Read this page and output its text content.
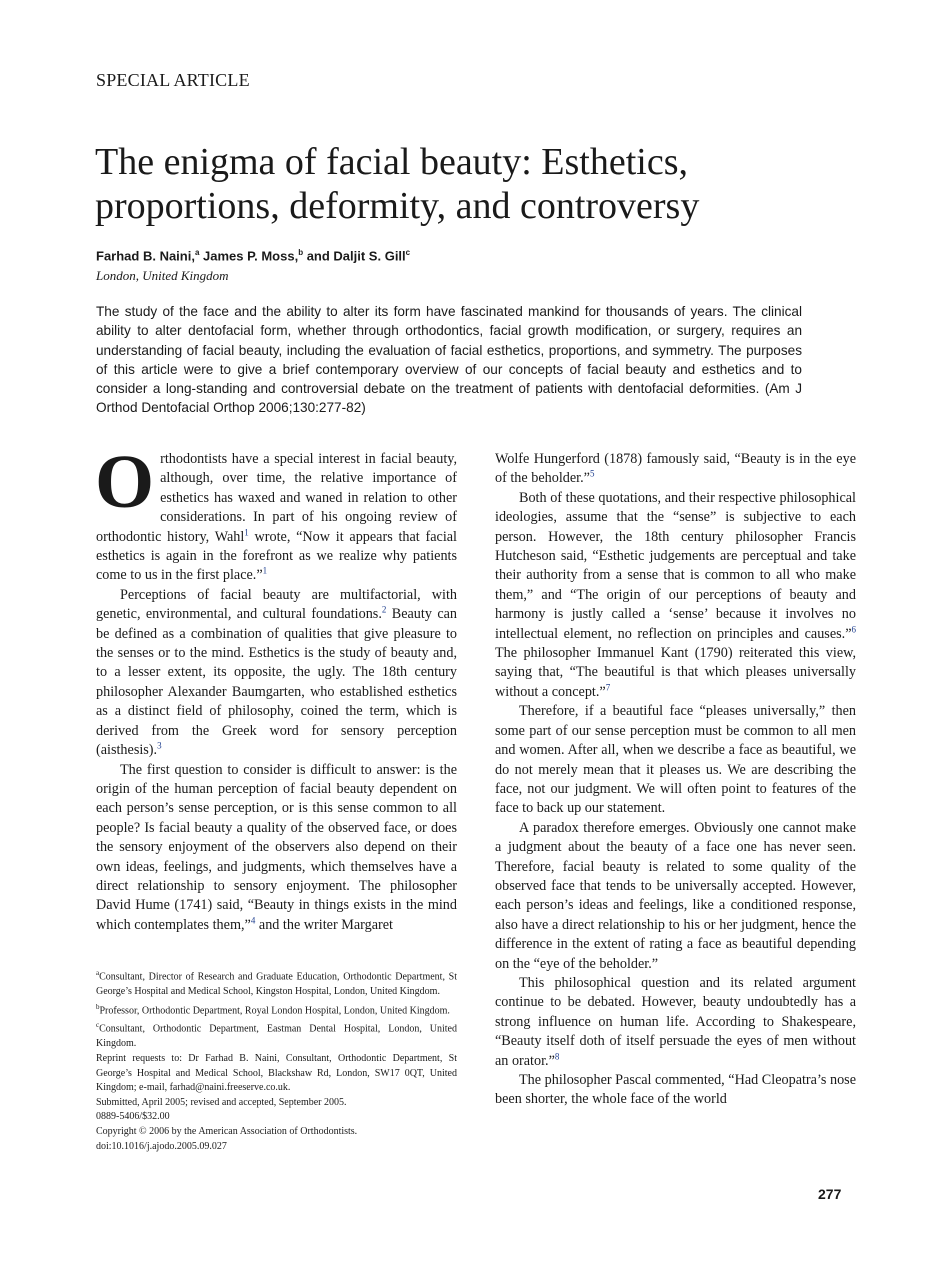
SPECIAL ARTICLE
The enigma of facial beauty: Esthetics, proportions, deformity, and controversy
Farhad B. Naini,$^a$ James P. Moss,$^b$ and Daljit S. Gill$^c$
London, United Kingdom

The study of the face and the ability to alter its form have fascinated mankind for thousands of years. The clinical ability to alter dentofacial form, whether through orthodontics, facial growth modification, or surgery, requires an understanding of facial beauty, including the evaluation of facial esthetics, proportions, and symmetry. The purposes of this article were to give a brief contemporary overview of our concepts of facial beauty and esthetics and to consider a long-standing and controversial debate on the treatment of patients with dentofacial deformities. (Am J Orthod Dentofacial Orthop 2006;130:277-82)

Orthodontists have a special interest in facial beauty, although, over time, the relative importance of esthetics has waxed and waned in relation to other considerations. In part of his ongoing review of orthodontic history, Wahl$^1$ wrote, “Now it appears that facial esthetics is again in the forefront as we realize why patients come to us in the first place.”$^1$

Perceptions of facial beauty are multifactorial, with genetic, environmental, and cultural foundations.$^2$ Beauty can be defined as a combination of qualities that give pleasure to the senses or to the mind. Esthetics is the study of beauty and, to a lesser extent, its opposite, the ugly. The 18th century philosopher Alexander Baumgarten, who established esthetics as a distinct field of philosophy, coined the term, which is derived from the Greek word for sensory perception (aisthesis).$^3$

The first question to consider is difficult to answer: is the origin of the human perception of facial beauty dependent on each person’s sense perception, or is this sense common to all people? Is facial beauty a quality of the observed face, or does the sensory enjoyment of the observers also depend on their own ideas, feelings, and judgments, which themselves have a direct relationship to sensory enjoyment. The philosopher David Hume (1741) said, “Beauty in things exists in the mind which contemplates them,”$^4$ and the writer Margaret

$^a$Consultant, Director of Research and Graduate Education, Orthodontic Department, St George’s Hospital and Medical School, Kingston Hospital, London, United Kingdom.
$^b$Professor, Orthodontic Department, Royal London Hospital, London, United Kingdom.
$^c$Consultant, Orthodontic Department, Eastman Dental Hospital, London, United Kingdom.
Reprint requests to: Dr Farhad B. Naini, Consultant, Orthodontic Department, St George’s Hospital and Medical School, Blackshaw Rd, London, SW17 0QT, United Kingdom; e-mail, farhad@naini.freeserve.co.uk.
Submitted, April 2005; revised and accepted, September 2005.
0889-5406/$32.00
Copyright © 2006 by the American Association of Orthodontists.
doi:10.1016/j.ajodo.2005.09.027

Wolfe Hungerford (1878) famously said, “Beauty is in the eye of the beholder.”$^5$

Both of these quotations, and their respective philosophical ideologies, assume that the “sense” is subjective to each person. However, the 18th century philosopher Francis Hutcheson said, “Esthetic judgements are perceptual and take their authority from a sense that is common to all who make them,” and “The origin of our perceptions of beauty and harmony is justly called a ‘sense’ because it involves no intellectual element, no reflection on principles and causes.”$^6$ The philosopher Immanuel Kant (1790) reiterated this view, saying that, “The beautiful is that which pleases universally without a concept.”$^7$

Therefore, if a beautiful face “pleases universally,” then some part of our sense perception must be common to all men and women. After all, when we describe a face as beautiful, we do not merely mean that it pleases us. We are describing the face, not our judgment. We will often point to features of the face to back up our statement.

A paradox therefore emerges. Obviously one cannot make a judgment about the beauty of a face one has never seen. Therefore, facial beauty is related to some quality of the observed face that tends to be universally accepted. However, each person’s ideas and feelings, like a conditioned response, also have a direct relationship to his or her judgment, hence the difference in the extent of rating a face as beautiful depending on the “eye of the beholder.”

This philosophical question and its related argument continue to be debated. However, beauty undoubtedly has a strong influence on human life. According to Shakespeare, “Beauty itself doth of itself persuade the eyes of men without an orator.”$^8$

The philosopher Pascal commented, “Had Cleopatra’s nose been shorter, the whole face of the world

277
